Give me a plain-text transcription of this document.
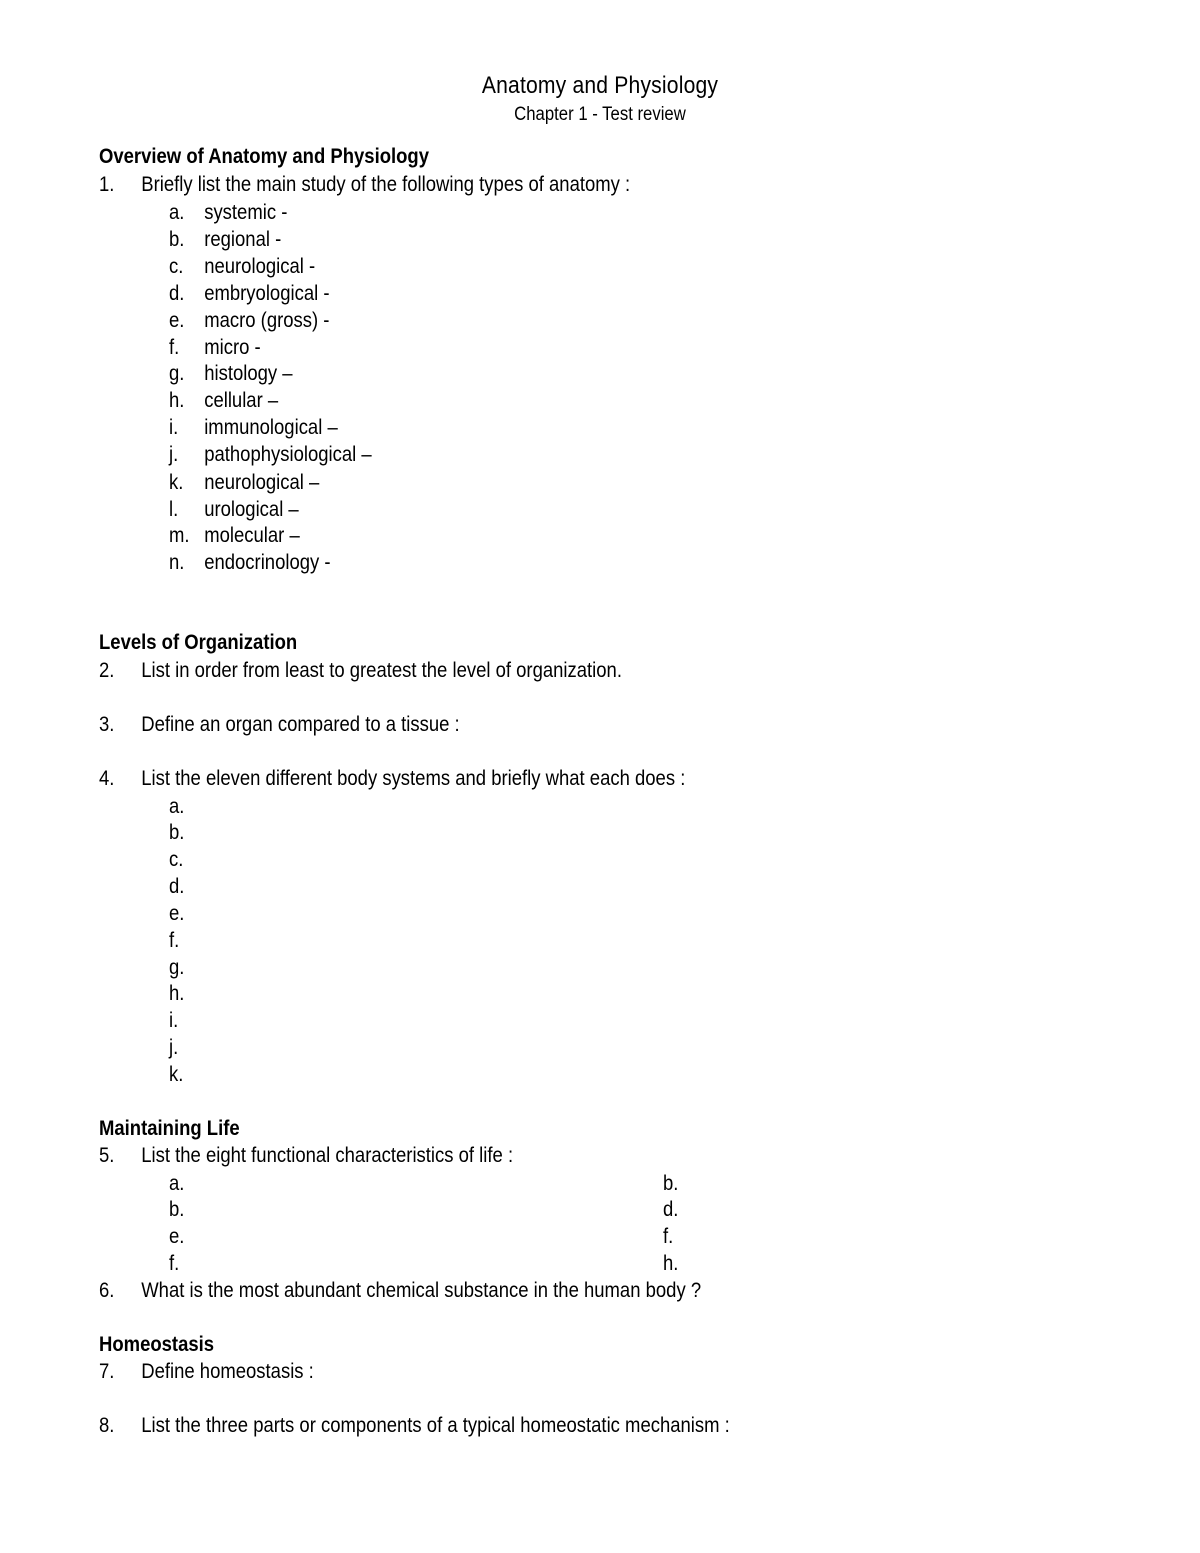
Anatomy and Physiology
Chapter 1 - Test review
Overview of Anatomy and Physiology
1. Briefly list the main study of the following types of anatomy :
a. systemic -
b. regional -
c. neurological -
d. embryological -
e. macro (gross) -
f. micro -
g. histology –
h. cellular –
i. immunological –
j. pathophysiological –
k. neurological –
l. urological –
m. molecular –
n. endocrinology -
Levels of Organization
2. List in order from least to greatest the level of organization.
3. Define an organ compared to a tissue :
4. List the eleven different body systems and briefly what each does :
a.
b.
c.
d.
e.
f.
g.
h.
i.
j.
k.
Maintaining Life
5. List the eight functional characteristics of life :
a.
b.
e.
f.
b.
d.
f.
h.
6. What is the most abundant chemical substance in the human body ?
Homeostasis
7. Define homeostasis :
8. List the three parts or components of a typical homeostatic mechanism :
